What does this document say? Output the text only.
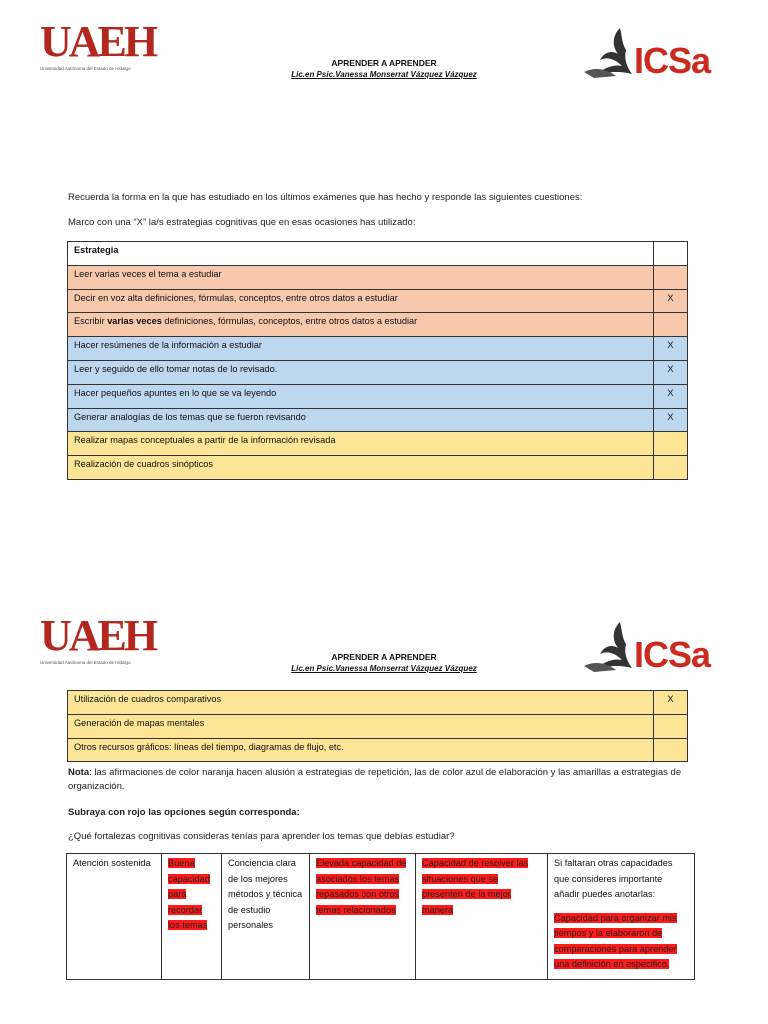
UAEH
Universidad Autónoma del Estado de Hidalgo
APRENDER A APRENDER
Lic.en Psic.Vanessa Monserrat Vázquez Vázquez	ICSa
Recuerda la forma en la que has estudiado en los últimos exámenes que has hecho y responde las siguientes cuestiones:
Marco con una “X” la/s estrategias cognitivas que en esas ocasiones has utilizado:
Estrategia	
Leer varias veces el tema a estudiar	
Decir en voz alta definiciones, fórmulas, conceptos, entre otros datos a estudiar	X
Escribir varias veces definiciones, fórmulas, conceptos, entre otros datos a estudiar	
Hacer resúmenes de la información a estudiar	X
Leer y seguido de ello tomar notas de lo revisado.	X
Hacer pequeños apuntes en lo que se va leyendo	X
Generar analogías de los temas que se fueron revisando	X
Realizar mapas conceptuales a partir de la información revisada	
Realización de cuadros sinópticos	
UAEH
Universidad Autónoma del Estado de Hidalgo
APRENDER A APRENDER
Lic.en Psic.Vanessa Monserrat Vázquez Vázquez	ICSa
Utilización de cuadros comparativos	X
Generación de mapas mentales	
Otros recursos gráficos: líneas del tiempo, diagramas de flujo, etc.	
Nota: las afirmaciones de color naranja hacen alusión a estrategias de repetición, las de color azul de elaboración y las amarillas a estrategias de organización.
Subraya con rojo las opciones según corresponda:
¿Qué fortalezas cognitivas consideras tenías para aprender los temas que debías estudiar?
Atención sostenida	Buena capacidad para recordar los temas	Conciencia clara de los mejores métodos y técnica de estudio personales	Elevada capacidad de asociados los temas repasados con otros temas relacionados	Capacidad de resolver las situaciones que se presenten de la mejor manera	
Si faltaran otras capacidades que consideres importante añadir puedes anotarlas:
Capacidad para organizar mis tiempos y la elaboraron de comparaciones para aprender una definición en especifico.
